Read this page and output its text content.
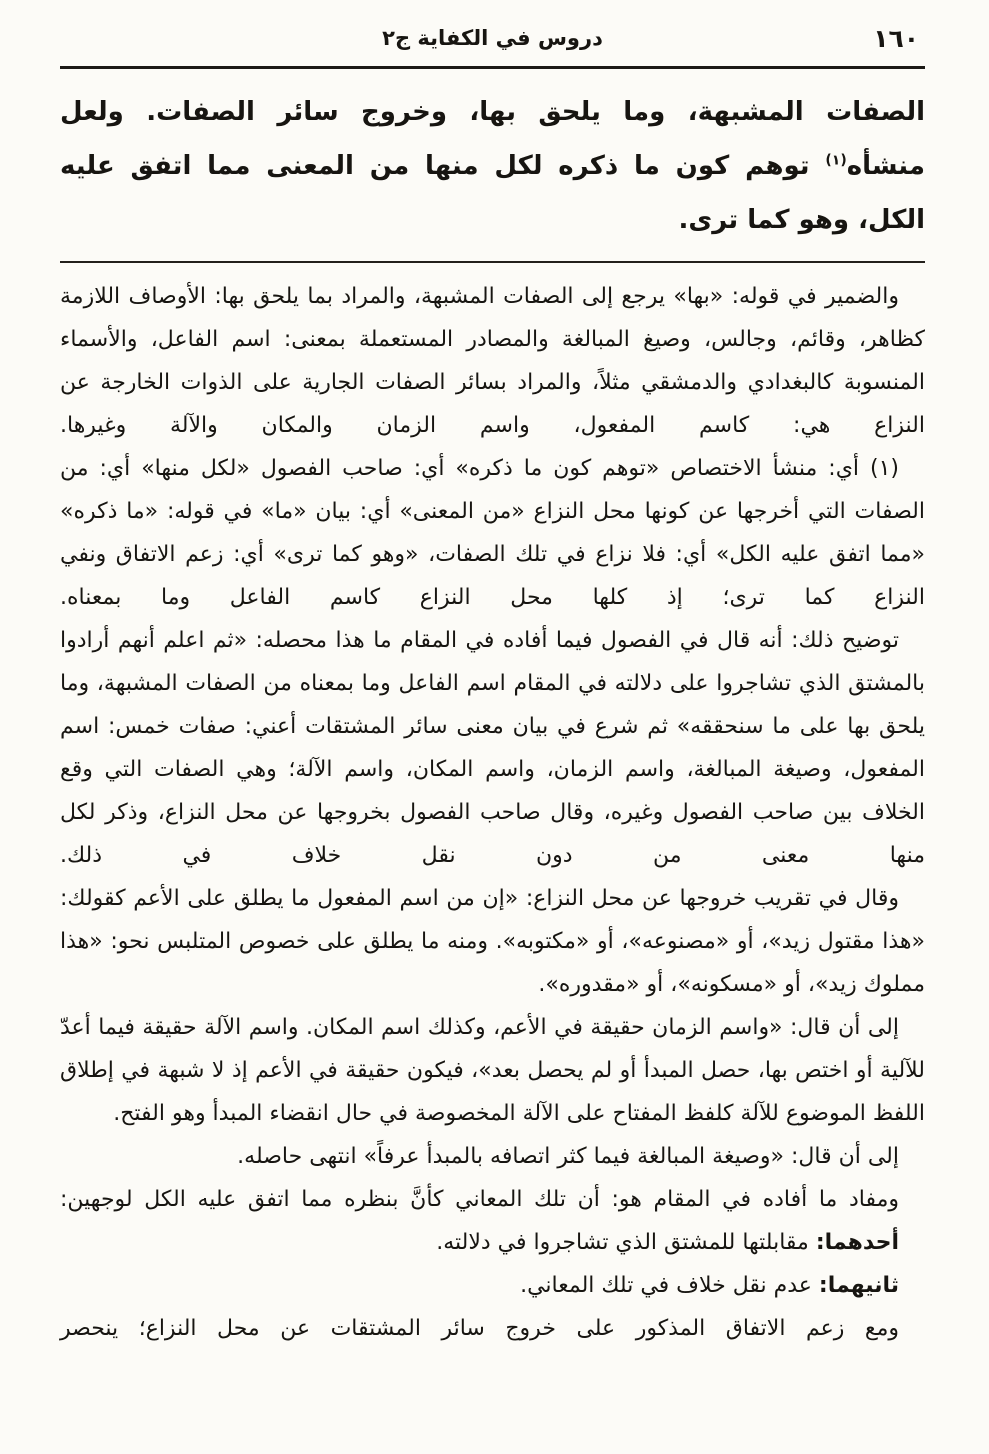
١٦٠
دروس في الكفاية ج٢

الصفات المشبهة، وما يلحق بها، وخروج سائر الصفات. ولعل منشأه$^{(١)}$ توهم كون ما ذكره لكل منها من المعنى مما اتفق عليه الكل، وهو كما ترى.

والضمير في قوله: «بها» يرجع إلى الصفات المشبهة، والمراد بما يلحق بها: الأوصاف اللازمة كظاهر، وقائم، وجالس، وصيغ المبالغة والمصادر المستعملة بمعنى: اسم الفاعل، والأسماء المنسوبة كالبغدادي والدمشقي مثلاً، والمراد بسائر الصفات الجارية على الذوات الخارجة عن النزاع هي: كاسم المفعول، واسم الزمان والمكان والآلة وغيرها.

(١) أي: منشأ الاختصاص «توهم كون ما ذكره» أي: صاحب الفصول «لكل منها» أي: من الصفات التي أخرجها عن كونها محل النزاع «من المعنى» أي: بيان «ما» في قوله: «ما ذكره» «مما اتفق عليه الكل» أي: فلا نزاع في تلك الصفات، «وهو كما ترى» أي: زعم الاتفاق ونفي النزاع كما ترى؛ إذ كلها محل النزاع كاسم الفاعل وما بمعناه.

توضيح ذلك: أنه قال في الفصول فيما أفاده في المقام ما هذا محصله: «ثم اعلم أنهم أرادوا بالمشتق الذي تشاجروا على دلالته في المقام اسم الفاعل وما بمعناه من الصفات المشبهة، وما يلحق بها على ما سنحققه» ثم شرع في بيان معنى سائر المشتقات أعني: صفات خمس: اسم المفعول، وصيغة المبالغة، واسم الزمان، واسم المكان، واسم الآلة؛ وهي الصفات التي وقع الخلاف بين صاحب الفصول وغيره، وقال صاحب الفصول بخروجها عن محل النزاع، وذكر لكل منها معنى من دون نقل خلاف في ذلك.

وقال في تقريب خروجها عن محل النزاع: «إن من اسم المفعول ما يطلق على الأعم كقولك: «هذا مقتول زيد»، أو «مصنوعه»، أو «مكتوبه». ومنه ما يطلق على خصوص المتلبس نحو: «هذا مملوك زيد»، أو «مسكونه»، أو «مقدوره».

إلى أن قال: «واسم الزمان حقيقة في الأعم، وكذلك اسم المكان. واسم الآلة حقيقة فيما أعدّ للآلية أو اختص بها، حصل المبدأ أو لم يحصل بعد»، فيكون حقيقة في الأعم إذ لا شبهة في إطلاق اللفظ الموضوع للآلة كلفظ المفتاح على الآلة المخصوصة في حال انقضاء المبدأ وهو الفتح.

إلى أن قال: «وصيغة المبالغة فيما كثر اتصافه بالمبدأ عرفاً» انتهى حاصله.

ومفاد ما أفاده في المقام هو: أن تلك المعاني كأنَّ بنظره مما اتفق عليه الكل لوجهين:

أحدهما: مقابلتها للمشتق الذي تشاجروا في دلالته.

ثانيهما: عدم نقل خلاف في تلك المعاني.

ومع زعم الاتفاق المذكور على خروج سائر المشتقات عن محل النزاع؛ ينحصر
